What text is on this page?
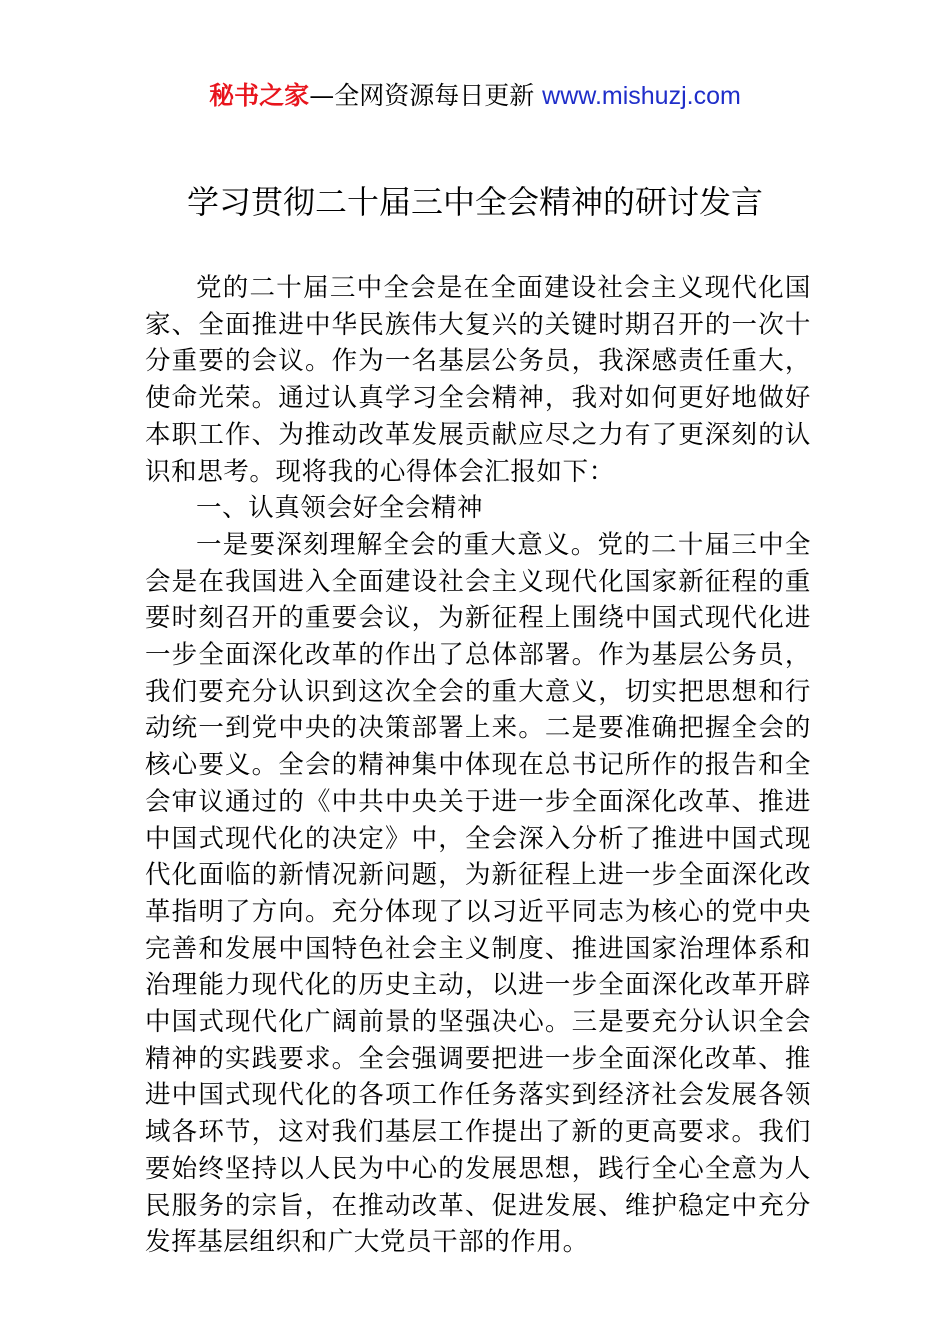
秘书之家—全网资源每日更新 www.mishuzj.com
学习贯彻二十届三中全会精神的研讨发言

党的二十届三中全会是在全面建设社会主义现代化国家、全面推进中华民族伟大复兴的关键时期召开的一次十分重要的会议。作为一名基层公务员，我深感责任重大，使命光荣。通过认真学习全会精神，我对如何更好地做好本职工作、为推动改革发展贡献应尽之力有了更深刻的认识和思考。现将我的心得体会汇报如下：

一、认真领会好全会精神

一是要深刻理解全会的重大意义。党的二十届三中全会是在我国进入全面建设社会主义现代化国家新征程的重要时刻召开的重要会议，为新征程上围绕中国式现代化进一步全面深化改革的作出了总体部署。作为基层公务员，我们要充分认识到这次全会的重大意义，切实把思想和行动统一到党中央的决策部署上来。二是要准确把握全会的核心要义。全会的精神集中体现在总书记所作的报告和全会审议通过的《中共中央关于进一步全面深化改革、推进中国式现代化的决定》中，全会深入分析了推进中国式现代化面临的新情况新问题，为新征程上进一步全面深化改革指明了方向。充分体现了以习近平同志为核心的党中央完善和发展中国特色社会主义制度、推进国家治理体系和治理能力现代化的历史主动，以进一步全面深化改革开辟中国式现代化广阔前景的坚强决心。三是要充分认识全会精神的实践要求。全会强调要把进一步全面深化改革、推进中国式现代化的各项工作任务落实到经济社会发展各领域各环节，这对我们基层工作提出了新的更高要求。我们要始终坚持以人民为中心的发展思想，践行全心全意为人民服务的宗旨，在推动改革、促进发展、维护稳定中充分发挥基层组织和广大党员干部的作用。
